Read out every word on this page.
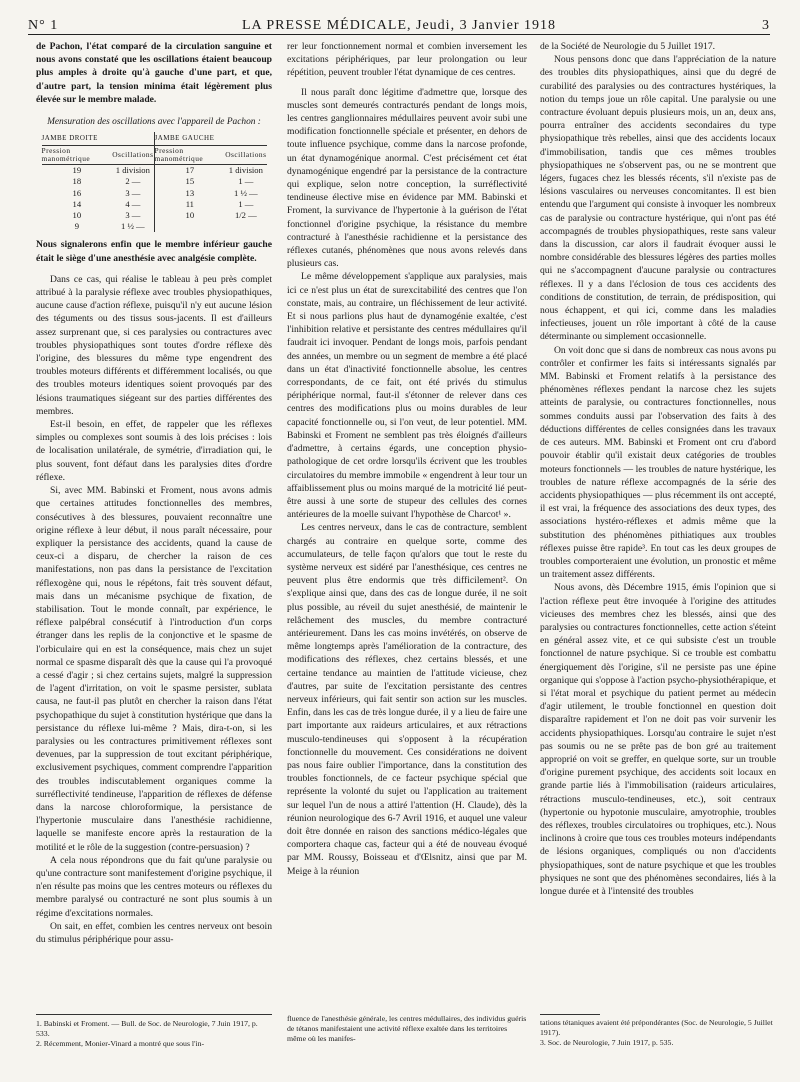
N° 1	LA PRESSE MÉDICALE, Jeudi, 3 Janvier 1918	3

de Pachon, l'état comparé de la circulation sanguine et nous avons constaté que les oscillations étaient beaucoup plus amples à droite qu'à gauche d'une part, et que, d'autre part, la tension minima était légèrement plus élevée sur le membre malade.

Mensuration des oscillations avec l'appareil de Pachon :
JAMBE DROITE		JAMBE GAUCHE	
Pression manométrique	Oscillations	Pression manométrique	Oscillations
19	1 division	17	1 division
18	2 —	15	1 —
16	3 —	13	1 ½ —
14	4 —	11	1 —
10	3 —	10	1/2 —
9	1 ½ —		

Nous signalerons enfin que le membre inférieur gauche était le siège d'une anesthésie avec analgésie complète.

Dans ce cas, qui réalise le tableau à peu près complet attribué à la paralysie réflexe avec troubles physiopathiques, aucune cause d'action réflexe, puisqu'il n'y eut aucune lésion des téguments ou des tissus sous-jacents. Il est d'ailleurs assez surprenant que, si ces paralysies ou contractures avec troubles physiopathiques sont toutes d'ordre réflexe dès l'origine, des blessures du même type engendrent des troubles moteurs différents et différemment localisés, ou que des troubles moteurs identiques soient provoqués par des lésions traumatiques siégeant sur des parties différentes des membres.

Est-il besoin, en effet, de rappeler que les réflexes simples ou complexes sont soumis à des lois précises : lois de localisation unilatérale, de symétrie, d'irradiation qui, le plus souvent, font défaut dans les paralysies dites d'ordre réflexe.

Si, avec MM. Babinski et Froment, nous avons admis que certaines attitudes fonctionnelles des membres, consécutives à des blessures, pouvaient reconnaître une origine réflexe à leur début, il nous paraît nécessaire, pour expliquer la persistance des accidents, quand la cause de ceux-ci a disparu, de chercher la raison de ces manifestations, non pas dans la persistance de l'excitation réflexogène qui, nous le répétons, fait très souvent défaut, mais dans un mécanisme psychique de fixation, de stabilisation. Tout le monde connaît, par expérience, le réflexe palpébral consécutif à l'introduction d'un corps étranger dans les replis de la conjonctive et le spasme de l'orbiculaire qui en est la conséquence, mais chez un sujet normal ce spasme disparaît dès que la cause qui l'a provoqué a cessé d'agir ; si chez certains sujets, malgré la suppression de l'agent d'irritation, on voit le spasme persister, sublata causa, ne faut-il pas plutôt en chercher la raison dans l'état psychopathique du sujet à constitution hystérique que dans la persistance du réflexe lui-même ? Mais, dira-t-on, si les paralysies ou les contractures primitivement réflexes sont devenues, par la suppression de tout excitant périphérique, exclusivement psychiques, comment comprendre l'apparition des troubles indiscutablement organiques comme la surréflectivité tendineuse, l'apparition de réflexes de défense dans la narcose chloroformique, la persistance de l'hypertonie musculaire dans l'anesthésie rachidienne, laquelle se manifeste encore après la restauration de la motilité et le rôle de la suggestion (contre-persuasion) ?

A cela nous répondrons que du fait qu'une paralysie ou qu'une contracture sont manifestement d'origine psychique, il n'en résulte pas moins que les centres moteurs ou réflexes du membre paralysé ou contracturé ne sont plus soumis à un régime d'excitations normales.

On sait, en effet, combien les centres nerveux ont besoin du stimulus périphérique pour assu-

rer leur fonctionnement normal et combien inversement les excitations périphériques, par leur prolongation ou leur répétition, peuvent troubler l'état dynamique de ces centres.

Il nous paraît donc légitime d'admettre que, lorsque des muscles sont demeurés contracturés pendant de longs mois, les centres ganglionnaires médullaires peuvent avoir subi une modification fonctionnelle spéciale et présenter, en dehors de toute influence psychique, comme dans la narcose profonde, un état dynamogénique anormal. C'est précisément cet état dynamogénique engendré par la persistance de la contracture qui explique, selon notre conception, la surréflectivité tendineuse élective mise en évidence par MM. Babinski et Froment, la survivance de l'hypertonie à la guérison de l'état fonctionnel d'origine psychique, la résistance du membre contracturé à l'anesthésie rachidienne et la persistance des réflexes cutanés, phénomènes que nous avons relevés dans plusieurs cas.

Le même développement s'applique aux paralysies, mais ici ce n'est plus un état de surexcitabilité des centres que l'on constate, mais, au contraire, un fléchissement de leur activité. Et si nous parlions plus haut de dynamogénie exaltée, c'est l'inhibition relative et persistante des centres médullaires qu'il faudrait ici invoquer. Pendant de longs mois, parfois pendant des années, un membre ou un segment de membre a été placé dans un état d'inactivité fonctionnelle absolue, les centres correspondants, de ce fait, ont été privés du stimulus périphérique normal, faut-il s'étonner de relever dans ces centres des modifications plus ou moins durables de leur capacité fonctionnelle ou, si l'on veut, de leur potentiel. MM. Babinski et Froment ne semblent pas très éloignés d'ailleurs d'admettre, à certains égards, une conception physio-pathologique de cet ordre lorsqu'ils écrivent que les troubles circulatoires du membre immobile « engendrent à leur tour un affaiblissement plus ou moins marqué de la motricité lié peut-être aussi à une sorte de stupeur des cellules des cornes antérieures de la moelle suivant l'hypothèse de Charcot¹ ».

Les centres nerveux, dans le cas de contracture, semblent chargés au contraire en quelque sorte, comme des accumulateurs, de telle façon qu'alors que tout le reste du système nerveux est sidéré par l'anesthésique, ces centres ne peuvent plus être endormis que très difficilement². On s'explique ainsi que, dans des cas de longue durée, il ne soit plus possible, au réveil du sujet anesthésié, de maintenir le relâchement des muscles, du membre contracturé antérieurement. Dans les cas moins invétérés, on observe de même longtemps après l'amélioration de la contracture, des modifications des réflexes, chez certains blessés, et une certaine tendance au maintien de l'attitude vicieuse, chez d'autres, par suite de l'excitation persistante des centres nerveux inférieurs, qui fait sentir son action sur les muscles. Enfin, dans les cas de très longue durée, il y a lieu de faire une part importante aux raideurs articulaires, et aux rétractions musculo-tendineuses qui s'opposent à la récupération fonctionnelle du mouvement. Ces considérations ne doivent pas nous faire oublier l'importance, dans la constitution des troubles fonctionnels, de ce facteur psychique spécial que représente la volonté du sujet ou l'application au traitement sur lequel l'un de nous a attiré l'attention (H. Claude), dès la réunion neurologique des 6-7 Avril 1916, et auquel une valeur doit être donnée en raison des sanctions médico-légales que comportera chaque cas, facteur qui a été de nouveau évoqué par MM. Roussy, Boisseau et d'Œlsnitz, ainsi que par M. Meige à la réunion

de la Société de Neurologie du 5 Juillet 1917.

Nous pensons donc que dans l'appréciation de la nature des troubles dits physiopathiques, ainsi que du degré de curabilité des paralysies ou des contractures hystériques, la notion du temps joue un rôle capital. Une paralysie ou une contracture évoluant depuis plusieurs mois, un an, deux ans, pourra entraîner des accidents secondaires du type physiopathique très rebelles, ainsi que des accidents locaux d'immobilisation, tandis que ces mêmes troubles physiopathiques ne s'observent pas, ou ne se montrent que légers, fugaces chez les blessés récents, s'il n'existe pas de lésions vasculaires ou nerveuses concomitantes. Il est bien entendu que l'argument qui consiste à invoquer les nombreux cas de paralysie ou contracture hystérique, qui n'ont pas été accompagnés de troubles physiopathiques, reste sans valeur dans la discussion, car alors il faudrait évoquer aussi le nombre considérable des blessures légères des parties molles qui ne s'accompagnent d'aucune paralysie ou contractures réflexes. Il y a dans l'éclosion de tous ces accidents des conditions de constitution, de terrain, de prédisposition, qui nous échappent, et qui ici, comme dans les maladies infectieuses, jouent un rôle important à côté de la cause déterminante ou simplement occasionnelle.

On voit donc que si dans de nombreux cas nous avons pu contrôler et confirmer les faits si intéressants signalés par MM. Babinski et Froment relatifs à la persistance des phénomènes réflexes pendant la narcose chez les sujets atteints de paralysie, ou contractures fonctionnelles, nous sommes conduits aussi par l'observation des faits à des déductions différentes de celles consignées dans les travaux de ces auteurs. MM. Babinski et Froment ont cru d'abord pouvoir établir qu'il existait deux catégories de troubles moteurs fonctionnels — les troubles de nature hystérique, les troubles de nature réflexe accompagnés de la série des accidents physiopathiques — plus récemment ils ont accepté, il est vrai, la fréquence des associations des deux types, des associations hystéro-réflexes et admis même que la substitution des phénomènes pithiatiques aux troubles réflexes puisse être rapide³. En tout cas les deux groupes de troubles comporteraient une évolution, un pronostic et même un traitement assez différents.

Nous avons, dès Décembre 1915, émis l'opinion que si l'action réflexe peut être invoquée à l'origine des attitudes vicieuses des membres chez les blessés, ainsi que des paralysies ou contractures fonctionnelles, cette action s'éteint en général assez vite, et ce qui subsiste c'est un trouble fonctionnel de nature psychique. Si ce trouble est combattu énergiquement dès l'origine, s'il ne persiste pas une épine organique qui s'oppose à l'action psycho-physiothérapique, et si l'état moral et psychique du patient permet au médecin d'agir utilement, le trouble fonctionnel en question doit disparaître rapidement et l'on ne doit pas voir survenir les accidents physiopathiques. Lorsqu'au contraire le sujet n'est pas soumis ou ne se prête pas de bon gré au traitement approprié on voit se greffer, en quelque sorte, sur un trouble d'origine purement psychique, des accidents soit locaux en grande partie liés à l'immobilisation (raideurs articulaires, rétractions musculo-tendineuses, etc.), soit centraux (hypertonie ou hypotonie musculaire, amyotrophie, troubles des réflexes, troubles circulatoires ou trophiques, etc.). Nous inclinons à croire que tous ces troubles moteurs indépendants de lésions organiques, compliqués ou non d'accidents physiopathiques, sont de nature psychique et que les troubles physiques ne sont que des phénomènes secondaires, liés à la longue durée et à l'intensité des troubles

1. Babinski et Froment. — Bull. de Soc. de Neurologie, 7 Juin 1917, p. 533.

2. Récemment, Monier-Vinard a montré que sous l'in-

fluence de l'anesthésie générale, les centres médullaires, des individus guéris de tétanos manifestaient une activité réflexe exaltée dans les territoires même où les manifes-

tations tétaniques avaient été prépondérantes (Soc. de Neurologie, 5 Juillet 1917).

3. Soc. de Neurologie, 7 Juin 1917, p. 535.
